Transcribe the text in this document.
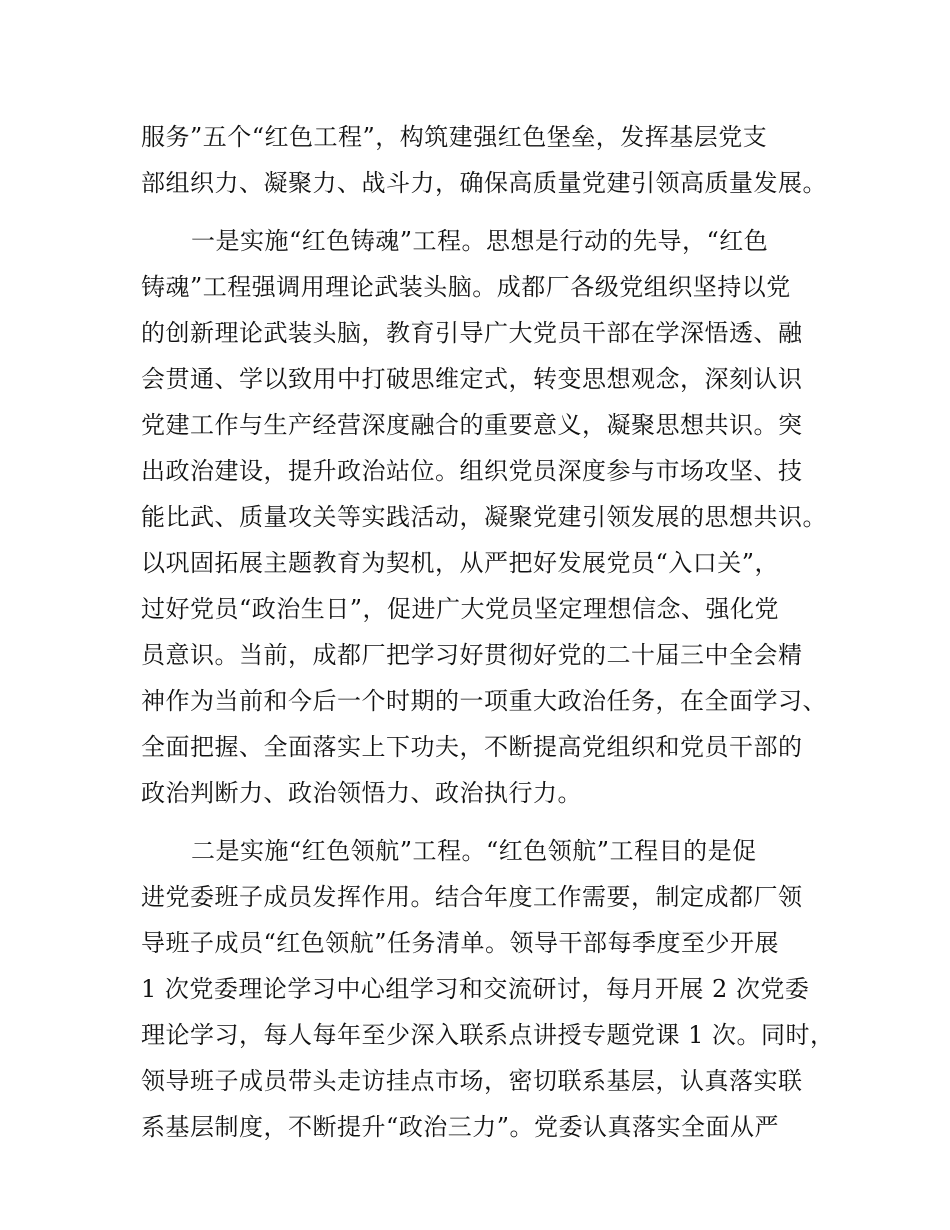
服务”五个“红色工程”，构筑建强红色堡垒，发挥基层党支
部组织力、凝聚力、战斗力，确保高质量党建引领高质量发展。
一是实施“红色铸魂”工程。思想是行动的先导，“红色
铸魂”工程强调用理论武装头脑。成都厂各级党组织坚持以党
的创新理论武装头脑，教育引导广大党员干部在学深悟透、融
会贯通、学以致用中打破思维定式，转变思想观念，深刻认识
党建工作与生产经营深度融合的重要意义，凝聚思想共识。突
出政治建设，提升政治站位。组织党员深度参与市场攻坚、技
能比武、质量攻关等实践活动，凝聚党建引领发展的思想共识。
以巩固拓展主题教育为契机，从严把好发展党员“入口关”，
过好党员“政治生日”，促进广大党员坚定理想信念、强化党
员意识。当前，成都厂把学习好贯彻好党的二十届三中全会精
神作为当前和今后一个时期的一项重大政治任务，在全面学习、
全面把握、全面落实上下功夫，不断提高党组织和党员干部的
政治判断力、政治领悟力、政治执行力。
二是实施“红色领航”工程。“红色领航”工程目的是促
进党委班子成员发挥作用。结合年度工作需要，制定成都厂领
导班子成员“红色领航”任务清单。领导干部每季度至少开展
1 次党委理论学习中心组学习和交流研讨，每月开展 2 次党委
理论学习，每人每年至少深入联系点讲授专题党课 1 次。同时，
领导班子成员带头走访挂点市场，密切联系基层，认真落实联
系基层制度，不断提升“政治三力”。党委认真落实全面从严
